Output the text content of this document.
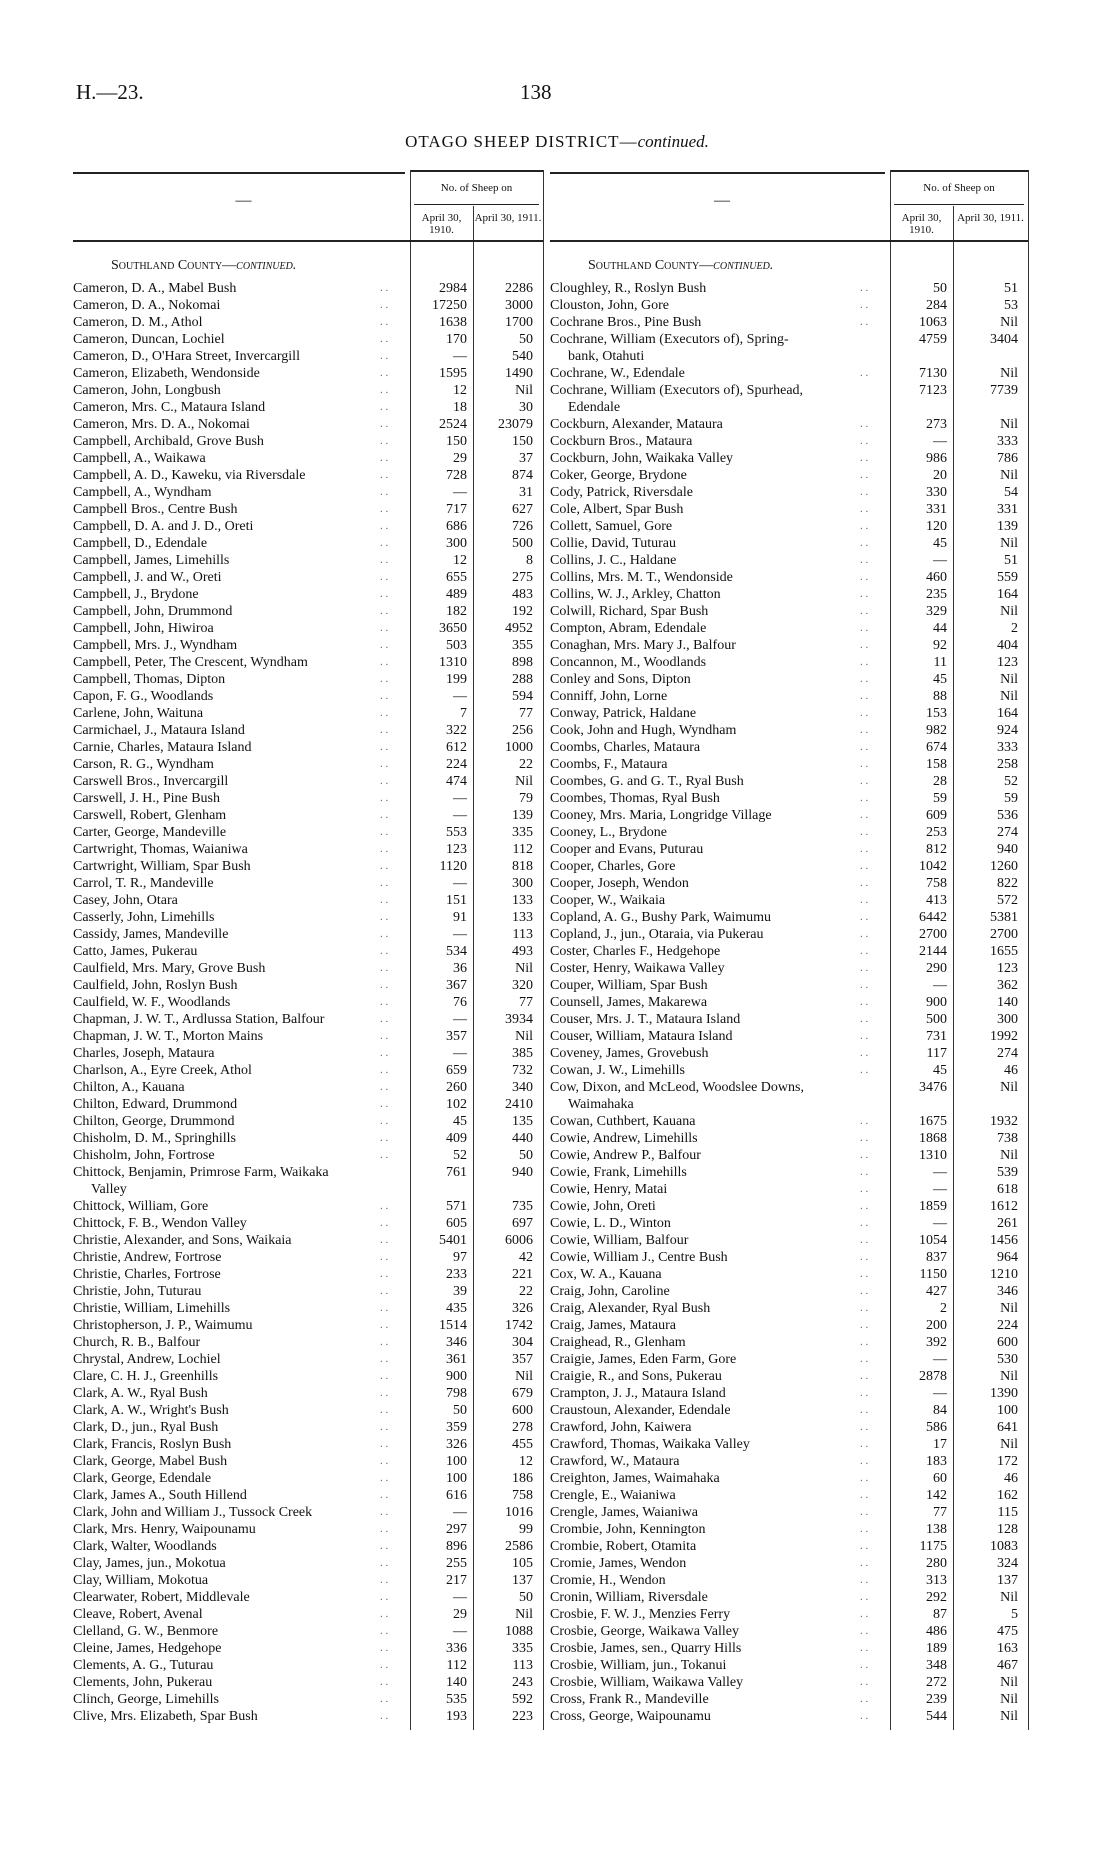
H.—23.	138
OTAGO SHEEP DISTRICT—continued.
No. of Sheep on
April 30, 1910.
April 30, 1911.
—
Southland County—continued.
Cameron, D. A., Mabel Bush	. .	2984	2286
Cameron, D. A., Nokomai	. .	17250	3000
Cameron, D. M., Athol	. .	1638	1700
Cameron, Duncan, Lochiel	. .	170	50
Cameron, D., O'Hara Street, Invercargill	. .	—	540
Cameron, Elizabeth, Wendonside	. .	1595	1490
Cameron, John, Longbush	. .	12	Nil
Cameron, Mrs. C., Mataura Island	. .	18	30
Cameron, Mrs. D. A., Nokomai	. .	2524	23079
Campbell, Archibald, Grove Bush	. .	150	150
Campbell, A., Waikawa	. .	29	37
Campbell, A. D., Kaweku, via Riversdale	. .	728	874
Campbell, A., Wyndham	. .	—	31
Campbell Bros., Centre Bush	. .	717	627
Campbell, D. A. and J. D., Oreti	. .	686	726
Campbell, D., Edendale	. .	300	500
Campbell, James, Limehills	. .	12	8
Campbell, J. and W., Oreti	. .	655	275
Campbell, J., Brydone	. .	489	483
Campbell, John, Drummond	. .	182	192
Campbell, John, Hiwiroa	. .	3650	4952
Campbell, Mrs. J., Wyndham	. .	503	355
Campbell, Peter, The Crescent, Wyndham	. .	1310	898
Campbell, Thomas, Dipton	. .	199	288
Capon, F. G., Woodlands	. .	—	594
Carlene, John, Waituna	. .	7	77
Carmichael, J., Mataura Island	. .	322	256
Carnie, Charles, Mataura Island	. .	612	1000
Carson, R. G., Wyndham	. .	224	22
Carswell Bros., Invercargill	. .	474	Nil
Carswell, J. H., Pine Bush	. .	—	79
Carswell, Robert, Glenham	. .	—	139
Carter, George, Mandeville	. .	553	335
Cartwright, Thomas, Waianiwa	. .	123	112
Cartwright, William, Spar Bush	. .	1120	818
Carrol, T. R., Mandeville	. .	—	300
Casey, John, Otara	. .	151	133
Casserly, John, Limehills	. .	91	133
Cassidy, James, Mandeville	. .	—	113
Catto, James, Pukerau	. .	534	493
Caulfield, Mrs. Mary, Grove Bush	. .	36	Nil
Caulfield, John, Roslyn Bush	. .	367	320
Caulfield, W. F., Woodlands	. .	76	77
Chapman, J. W. T., Ardlussa Station, Balfour	. .	—	3934
Chapman, J. W. T., Morton Mains	. .	357	Nil
Charles, Joseph, Mataura	. .	—	385
Charlson, A., Eyre Creek, Athol	. .	659	732
Chilton, A., Kauana	. .	260	340
Chilton, Edward, Drummond	. .	102	2410
Chilton, George, Drummond	. .	45	135
Chisholm, D. M., Springhills	. .	409	440
Chisholm, John, Fortrose	. .	52	50
Chittock, Benjamin, Primrose Farm, Waikaka
Valley
761	940
Chittock, William, Gore	. .	571	735
Chittock, F. B., Wendon Valley	. .	605	697
Christie, Alexander, and Sons, Waikaia	. .	5401	6006
Christie, Andrew, Fortrose	. .	97	42
Christie, Charles, Fortrose	. .	233	221
Christie, John, Tuturau	. .	39	22
Christie, William, Limehills	. .	435	326
Christopherson, J. P., Waimumu	. .	1514	1742
Church, R. B., Balfour	. .	346	304
Chrystal, Andrew, Lochiel	. .	361	357
Clare, C. H. J., Greenhills	. .	900	Nil
Clark, A. W., Ryal Bush	. .	798	679
Clark, A. W., Wright's Bush	. .	50	600
Clark, D., jun., Ryal Bush	. .	359	278
Clark, Francis, Roslyn Bush	. .	326	455
Clark, George, Mabel Bush	. .	100	12
Clark, George, Edendale	. .	100	186
Clark, James A., South Hillend	. .	616	758
Clark, John and William J., Tussock Creek	. .	—	1016
Clark, Mrs. Henry, Waipounamu	. .	297	99
Clark, Walter, Woodlands	. .	896	2586
Clay, James, jun., Mokotua	. .	255	105
Clay, William, Mokotua	. .	217	137
Clearwater, Robert, Middlevale	. .	—	50
Cleave, Robert, Avenal	. .	29	Nil
Clelland, G. W., Benmore	. .	—	1088
Cleine, James, Hedgehope	. .	336	335
Clements, A. G., Tuturau	. .	112	113
Clements, John, Pukerau	. .	140	243
Clinch, George, Limehills	. .	535	592
Clive, Mrs. Elizabeth, Spar Bush	. .	193	223
No. of Sheep on
April 30, 1910.
April 30, 1911.
—
Southland County—continued.
Cloughley, R., Roslyn Bush	. .	50	51
Clouston, John, Gore	. .	284	53
Cochrane Bros., Pine Bush	. .	1063	Nil
Cochrane, William (Executors of), Spring-
bank, Otahuti
4759	3404
Cochrane, W., Edendale	. .	7130	Nil
Cochrane, William (Executors of), Spurhead,
Edendale
7123	7739
Cockburn, Alexander, Mataura	. .	273	Nil
Cockburn Bros., Mataura	. .	—	333
Cockburn, John, Waikaka Valley	. .	986	786
Coker, George, Brydone	. .	20	Nil
Cody, Patrick, Riversdale	. .	330	54
Cole, Albert, Spar Bush	. .	331	331
Collett, Samuel, Gore	. .	120	139
Collie, David, Tuturau	. .	45	Nil
Collins, J. C., Haldane	. .	—	51
Collins, Mrs. M. T., Wendonside	. .	460	559
Collins, W. J., Arkley, Chatton	. .	235	164
Colwill, Richard, Spar Bush	. .	329	Nil
Compton, Abram, Edendale	. .	44	2
Conaghan, Mrs. Mary J., Balfour	. .	92	404
Concannon, M., Woodlands	. .	11	123
Conley and Sons, Dipton	. .	45	Nil
Conniff, John, Lorne	. .	88	Nil
Conway, Patrick, Haldane	. .	153	164
Cook, John and Hugh, Wyndham	. .	982	924
Coombs, Charles, Mataura	. .	674	333
Coombs, F., Mataura	. .	158	258
Coombes, G. and G. T., Ryal Bush	. .	28	52
Coombes, Thomas, Ryal Bush	. .	59	59
Cooney, Mrs. Maria, Longridge Village	. .	609	536
Cooney, L., Brydone	. .	253	274
Cooper and Evans, Puturau	. .	812	940
Cooper, Charles, Gore	. .	1042	1260
Cooper, Joseph, Wendon	. .	758	822
Cooper, W., Waikaia	. .	413	572
Copland, A. G., Bushy Park, Waimumu	. .	6442	5381
Copland, J., jun., Otaraia, via Pukerau	. .	2700	2700
Coster, Charles F., Hedgehope	. .	2144	1655
Coster, Henry, Waikawa Valley	. .	290	123
Couper, William, Spar Bush	. .	—	362
Counsell, James, Makarewa	. .	900	140
Couser, Mrs. J. T., Mataura Island	. .	500	300
Couser, William, Mataura Island	. .	731	1992
Coveney, James, Grovebush	. .	117	274
Cowan, J. W., Limehills	. .	45	46
Cow, Dixon, and McLeod, Woodslee Downs,
Waimahaka
3476	Nil
Cowan, Cuthbert, Kauana	. .	1675	1932
Cowie, Andrew, Limehills	. .	1868	738
Cowie, Andrew P., Balfour	. .	1310	Nil
Cowie, Frank, Limehills	. .	—	539
Cowie, Henry, Matai	. .	—	618
Cowie, John, Oreti	. .	1859	1612
Cowie, L. D., Winton	. .	—	261
Cowie, William, Balfour	. .	1054	1456
Cowie, William J., Centre Bush	. .	837	964
Cox, W. A., Kauana	. .	1150	1210
Craig, John, Caroline	. .	427	346
Craig, Alexander, Ryal Bush	. .	2	Nil
Craig, James, Mataura	. .	200	224
Craighead, R., Glenham	. .	392	600
Craigie, James, Eden Farm, Gore	. .	—	530
Craigie, R., and Sons, Pukerau	. .	2878	Nil
Crampton, J. J., Mataura Island	. .	—	1390
Craustoun, Alexander, Edendale	. .	84	100
Crawford, John, Kaiwera	. .	586	641
Crawford, Thomas, Waikaka Valley	. .	17	Nil
Crawford, W., Mataura	. .	183	172
Creighton, James, Waimahaka	. .	60	46
Crengle, E., Waianiwa	. .	142	162
Crengle, James, Waianiwa	. .	77	115
Crombie, John, Kennington	. .	138	128
Crombie, Robert, Otamita	. .	1175	1083
Cromie, James, Wendon	. .	280	324
Cromie, H., Wendon	. .	313	137
Cronin, William, Riversdale	. .	292	Nil
Crosbie, F. W. J., Menzies Ferry	. .	87	5
Crosbie, George, Waikawa Valley	. .	486	475
Crosbie, James, sen., Quarry Hills	. .	189	163
Crosbie, William, jun., Tokanui	. .	348	467
Crosbie, William, Waikawa Valley	. .	272	Nil
Cross, Frank R., Mandeville	. .	239	Nil
Cross, George, Waipounamu	. .	544	Nil
